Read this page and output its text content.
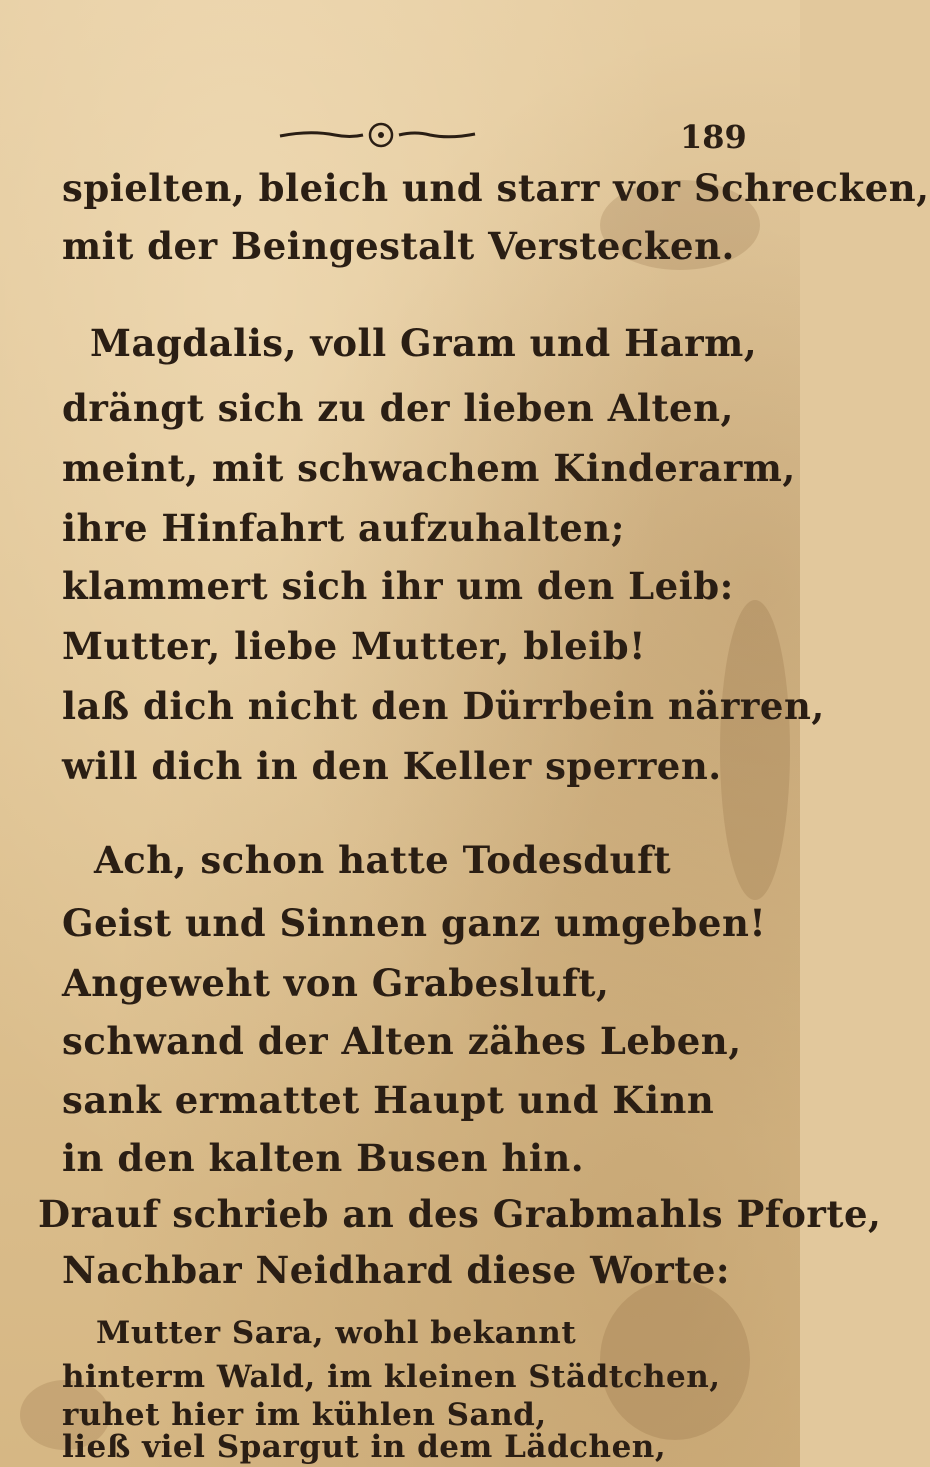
189
spielten, bleich und starr vor Schrecken,
mit der Beingestalt Verstecken.
Magdalis, voll Gram und Harm,
drängt sich zu der lieben Alten,
meint, mit schwachem Kinderarm,
ihre Hinfahrt aufzuhalten;
klammert sich ihr um den Leib:
Mutter, liebe Mutter, bleib!
laß dich nicht den Dürrbein närren,
will dich in den Keller sperren.
Ach, schon hatte Todesduft
Geist und Sinnen ganz umgeben!
Angeweht von Grabesluft,
schwand der Alten zähes Leben,
sank ermattet Haupt und Kinn
in den kalten Busen hin.
Drauf schrieb an des Grabmahls Pforte,
Nachbar Neidhard diese Worte:
Mutter Sara, wohl bekannt
hinterm Wald, im kleinen Städtchen,
ruhet hier im kühlen Sand,
ließ viel Spargut in dem Lädchen,
